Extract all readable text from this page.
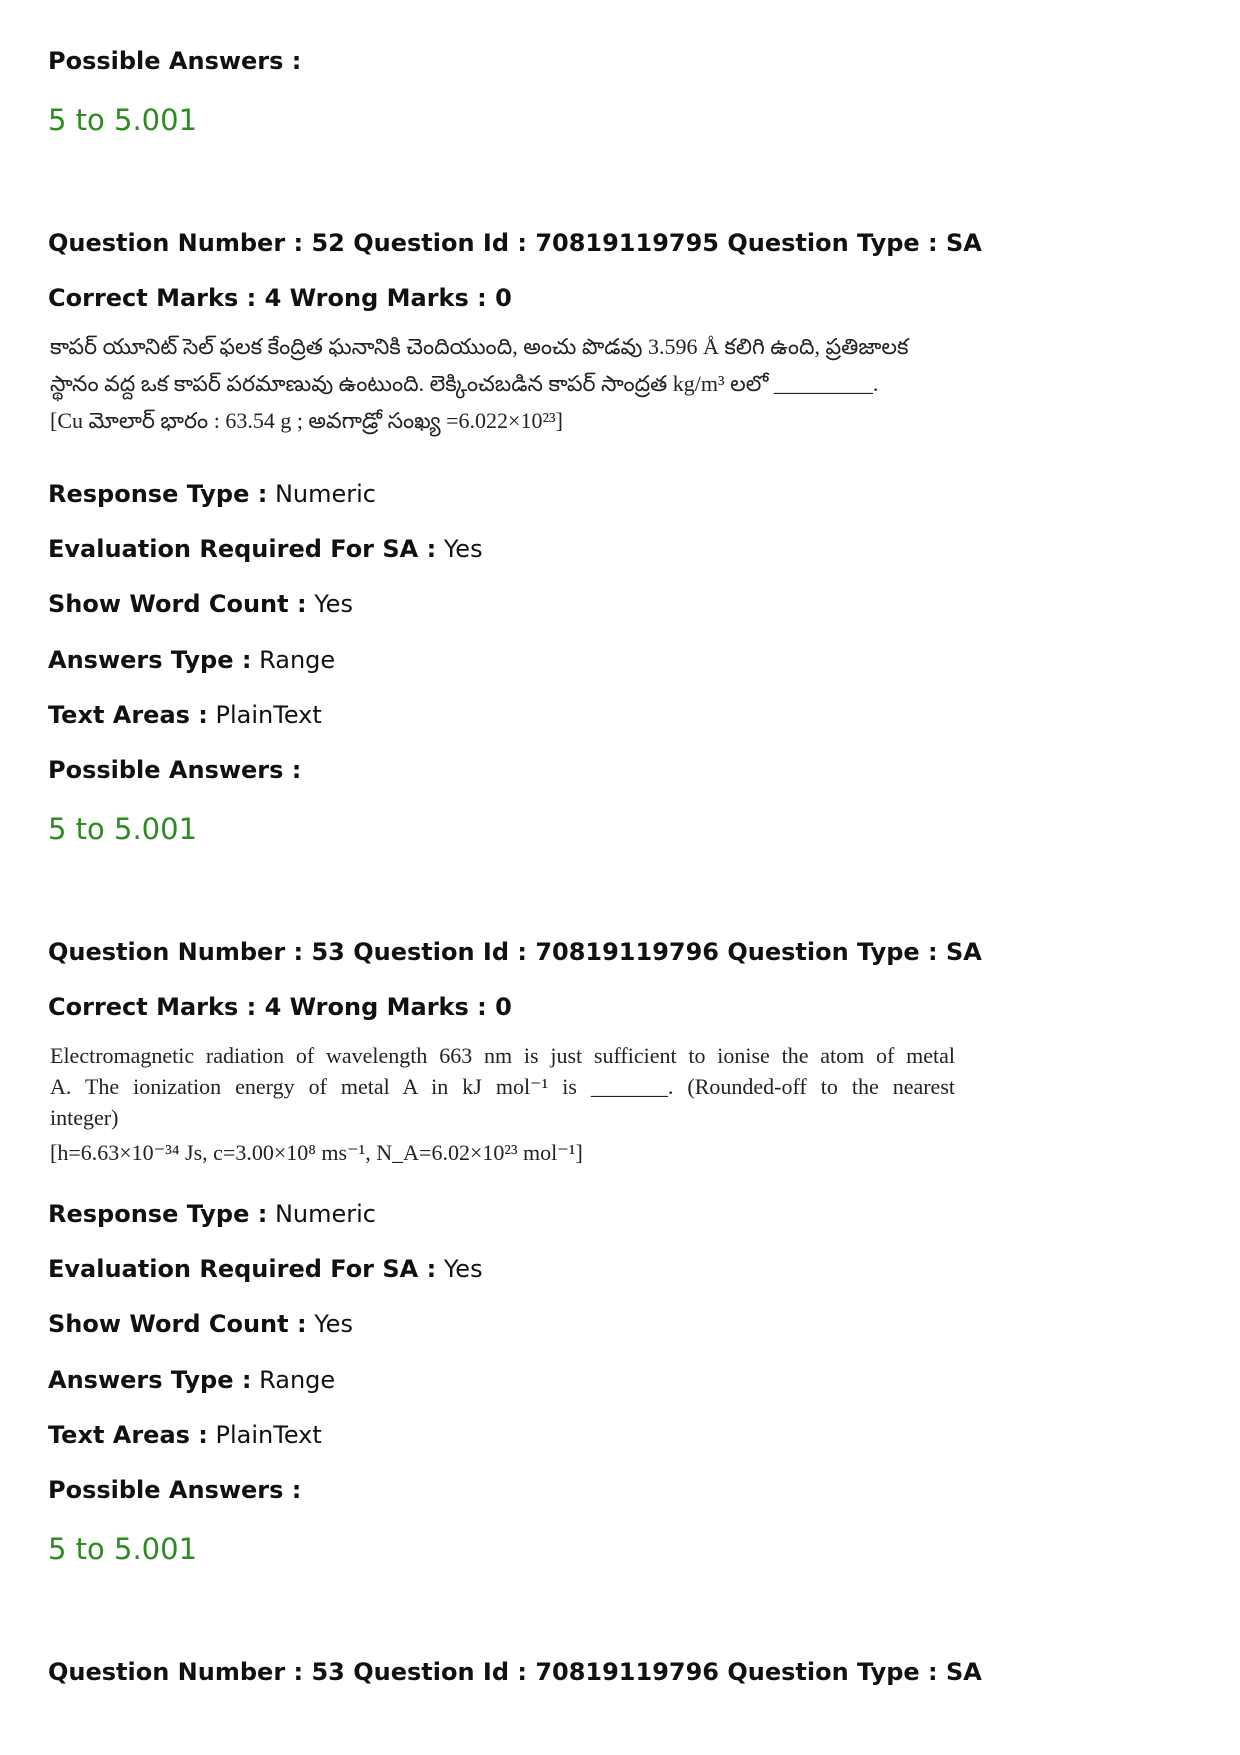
Possible Answers :
5 to 5.001
Question Number : 52 Question Id : 70819119795 Question Type : SA
Correct Marks : 4 Wrong Marks : 0
కాపర్ యూనిట్ సెల్ ఫలక కేంద్రిత ఘనానికి చెందియుంది, అంచు పొడవు 3.596 Å కలిగి ఉంది, ప్రతిజాలక
స్థానం వద్ద ఒక కాపర్ పరమాణువు ఉంటుంది. లెక్కించబడిన కాపర్ సాంద్రత kg/m³ లలో _________.
[Cu మోలార్ భారం : 63.54 g ; అవగాడ్రో సంఖ్య =6.022×10²³]
Response Type : Numeric
Evaluation Required For SA : Yes
Show Word Count : Yes
Answers Type : Range
Text Areas : PlainText
Possible Answers :
5 to 5.001
Question Number : 53 Question Id : 70819119796 Question Type : SA
Correct Marks : 4 Wrong Marks : 0
Electromagnetic radiation of wavelength 663 nm is just sufficient to ionise the atom of metal
A. The ionization energy of metal A in kJ mol⁻¹ is _______. (Rounded-off to the nearest
integer)
[h=6.63×10⁻³⁴ Js, c=3.00×10⁸ ms⁻¹, N_A=6.02×10²³ mol⁻¹]
Response Type : Numeric
Evaluation Required For SA : Yes
Show Word Count : Yes
Answers Type : Range
Text Areas : PlainText
Possible Answers :
5 to 5.001
Question Number : 53 Question Id : 70819119796 Question Type : SA
